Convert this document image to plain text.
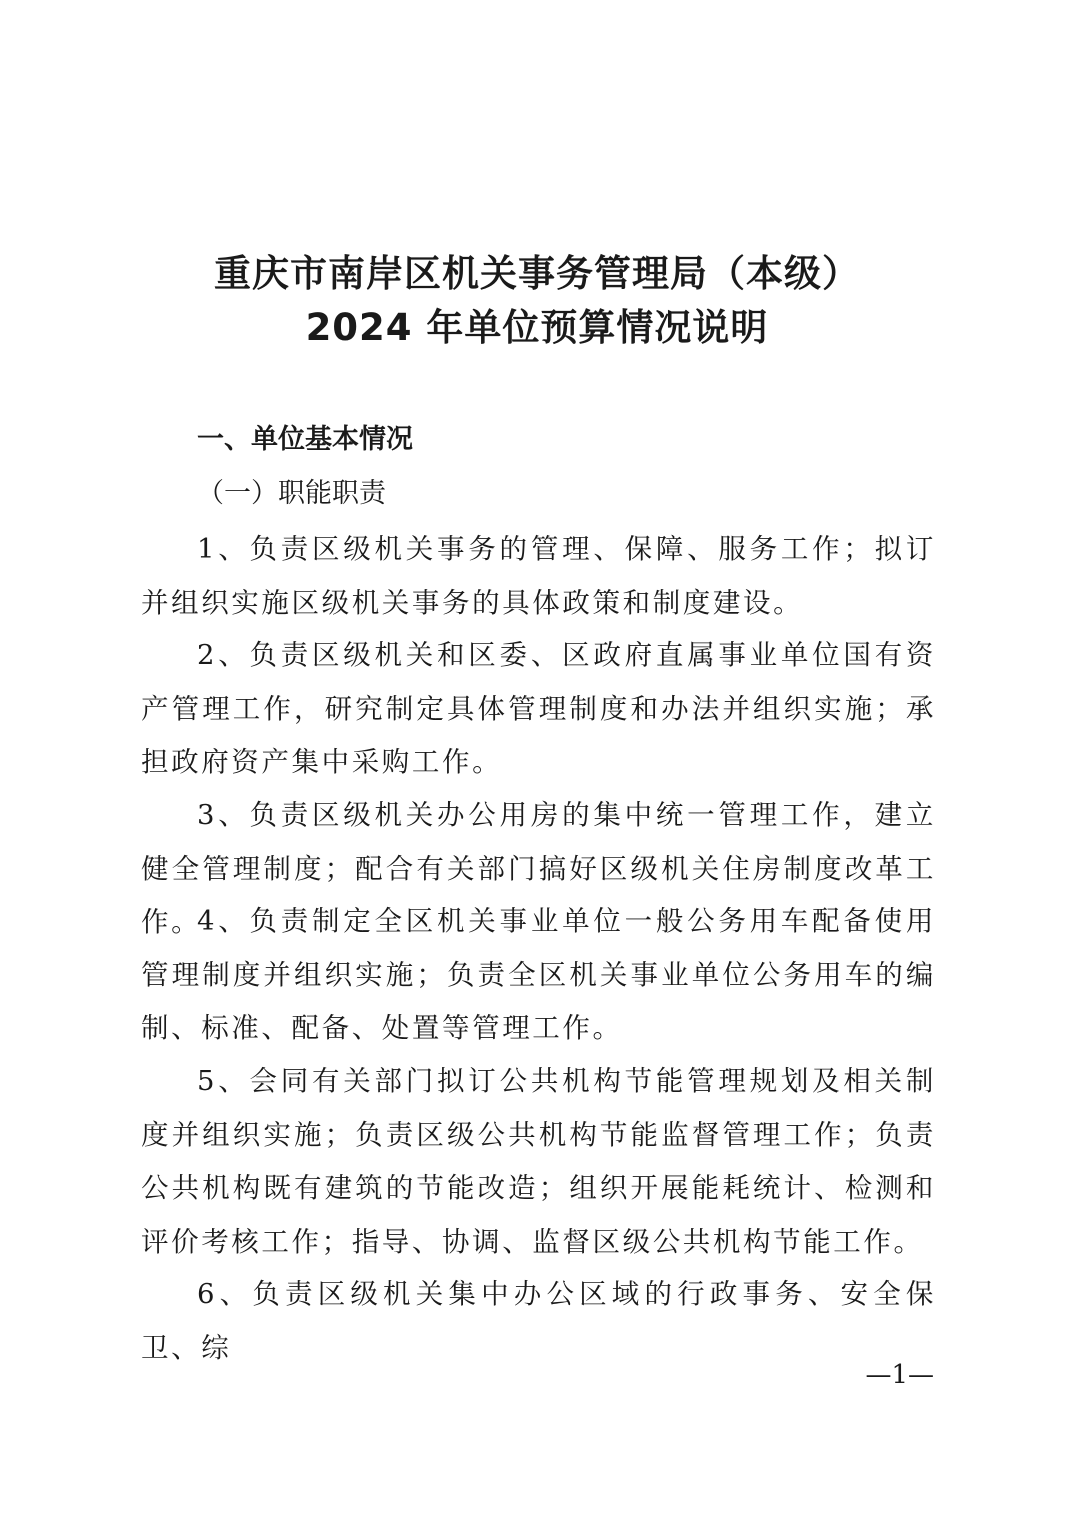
重庆市南岸区机关事务管理局（本级）
2024 年单位预算情况说明
一、单位基本情况
（一）职能职责
1、负责区级机关事务的管理、保障、服务工作；拟订并组织实施区级机关事务的具体政策和制度建设。
2、负责区级机关和区委、区政府直属事业单位国有资产管理工作，研究制定具体管理制度和办法并组织实施；承担政府资产集中采购工作。
3、负责区级机关办公用房的集中统一管理工作，建立健全管理制度；配合有关部门搞好区级机关住房制度改革工作。
4、负责制定全区机关事业单位一般公务用车配备使用管理制度并组织实施；负责全区机关事业单位公务用车的编制、标准、配备、处置等管理工作。
5、会同有关部门拟订公共机构节能管理规划及相关制度并组织实施；负责区级公共机构节能监督管理工作；负责公共机构既有建筑的节能改造；组织开展能耗统计、检测和评价考核工作；指导、协调、监督区级公共机构节能工作。
6、负责区级机关集中办公区域的行政事务、安全保卫、综
—1—
